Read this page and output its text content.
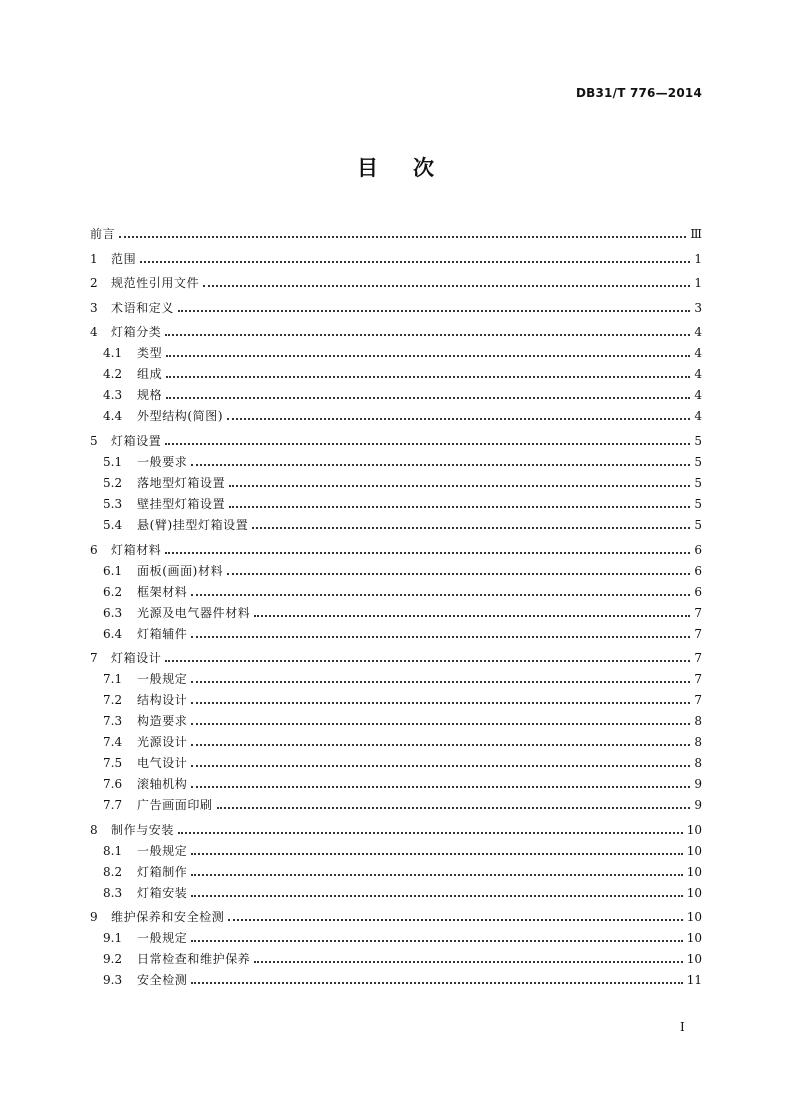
DB31/T 776—2014
目 次
前言	Ⅲ
1	范围	1
2	规范性引用文件	1
3	术语和定义	3
4	灯箱分类	4
4.1	类型	4
4.2	组成	4
4.3	规格	4
4.4	外型结构(简图)	4
5	灯箱设置	5
5.1	一般要求	5
5.2	落地型灯箱设置	5
5.3	壁挂型灯箱设置	5
5.4	悬(臂)挂型灯箱设置	5
6	灯箱材料	6
6.1	面板(画面)材料	6
6.2	框架材料	6
6.3	光源及电气器件材料	7
6.4	灯箱辅件	7
7	灯箱设计	7
7.1	一般规定	7
7.2	结构设计	7
7.3	构造要求	8
7.4	光源设计	8
7.5	电气设计	8
7.6	滚轴机构	9
7.7	广告画面印刷	9
8	制作与安装	10
8.1	一般规定	10
8.2	灯箱制作	10
8.3	灯箱安装	10
9	维护保养和安全检测	10
9.1	一般规定	10
9.2	日常检查和维护保养	10
9.3	安全检测	11
I
